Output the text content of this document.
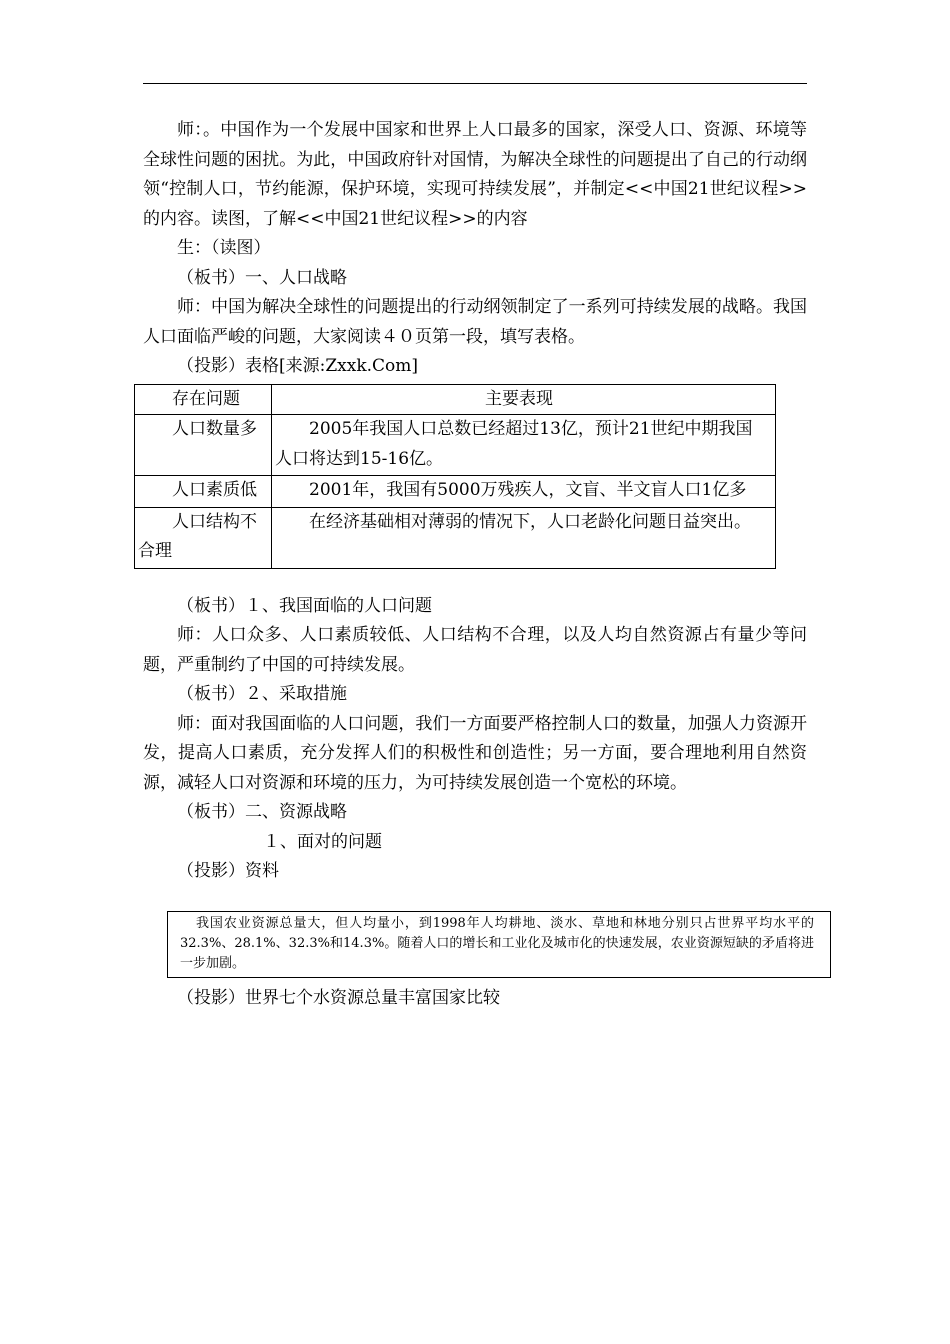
师：。中国作为一个发展中国家和世界上人口最多的国家，深受人口、资源、环境等全球性问题的困扰。为此，中国政府针对国情，为解决全球性的问题提出了自己的行动纲领“控制人口，节约能源，保护环境，实现可持续发展”，并制定<<中国21世纪议程>>的内容。读图，了解<<中国21世纪议程>>的内容

生：（读图）

（板书）一、人口战略

师：中国为解决全球性的问题提出的行动纲领制定了一系列可持续发展的战略。我国人口面临严峻的问题，大家阅读４０页第一段，填写表格。

（投影）表格[来源:Zxxk.Com]

存在问题	主要表现
人口数量多	2005年我国人口总数已经超过13亿，预计21世纪中期我国人口将达到15-16亿。
人口素质低	2001年，我国有5000万残疾人，文盲、半文盲人口1亿多
人口结构不合理	在经济基础相对薄弱的情况下，人口老龄化问题日益突出。

（板书）１、我国面临的人口问题

师：人口众多、人口素质较低、人口结构不合理，以及人均自然资源占有量少等问题，严重制约了中国的可持续发展。

（板书）２、采取措施

师：面对我国面临的人口问题，我们一方面要严格控制人口的数量，加强人力资源开发，提高人口素质，充分发挥人们的积极性和创造性；另一方面，要合理地利用自然资源，减轻人口对资源和环境的压力，为可持续发展创造一个宽松的环境。

（板书）二、资源战略

１、面对的问题

（投影）资料

我国农业资源总量大，但人均量小，到1998年人均耕地、淡水、草地和林地分别只占世界平均水平的32.3%、28.1%、32.3%和14.3%。随着人口的增长和工业化及城市化的快速发展，农业资源短缺的矛盾将进一步加剧。

（投影）世界七个水资源总量丰富国家比较
